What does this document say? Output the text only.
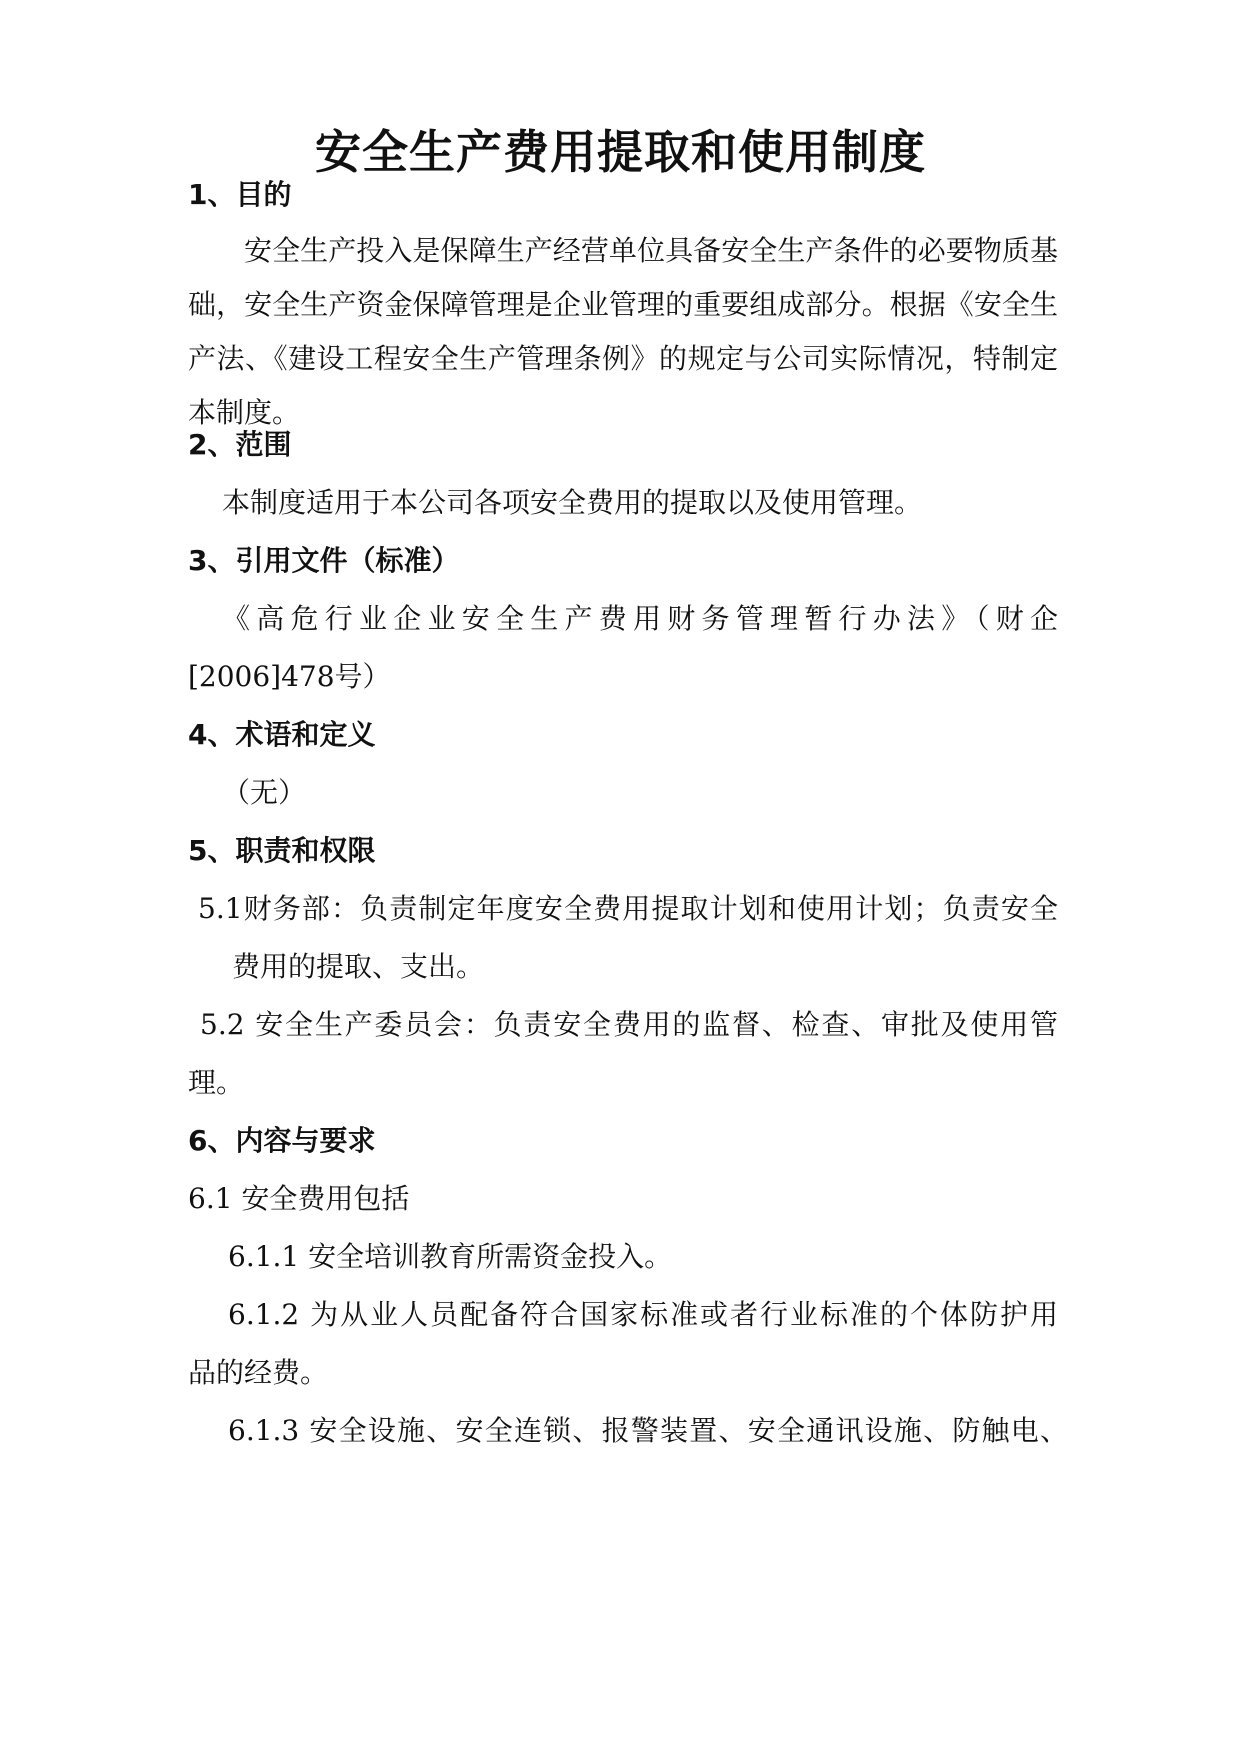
安全生产费用提取和使用制度
1、目的

安全生产投入是保障生产经营单位具备安全生产条件的必要物质基础，安全生产资金保障管理是企业管理的重要组成部分。根据《安全生产法、《建设工程安全生产管理条例》的规定与公司实际情况，特制定本制度。

2、范围

本制度适用于本公司各项安全费用的提取以及使用管理。

3、引用文件（标准）

《高危行业企业安全生产费用财务管理暂行办法》（财企

[2006]478号）

4、术语和定义

（无）

5、职责和权限

5.1财务部：负责制定年度安全费用提取计划和使用计划；负责安全

费用的提取、支出。

5.2 安全生产委员会：负责安全费用的监督、检查、审批及使用管

理。

6、内容与要求

6.1 安全费用包括

6.1.1 安全培训教育所需资金投入。

6.1.2 为从业人员配备符合国家标准或者行业标准的个体防护用

品的经费。

6.1.3 安全设施、安全连锁、报警装置、安全通讯设施、防触电、
